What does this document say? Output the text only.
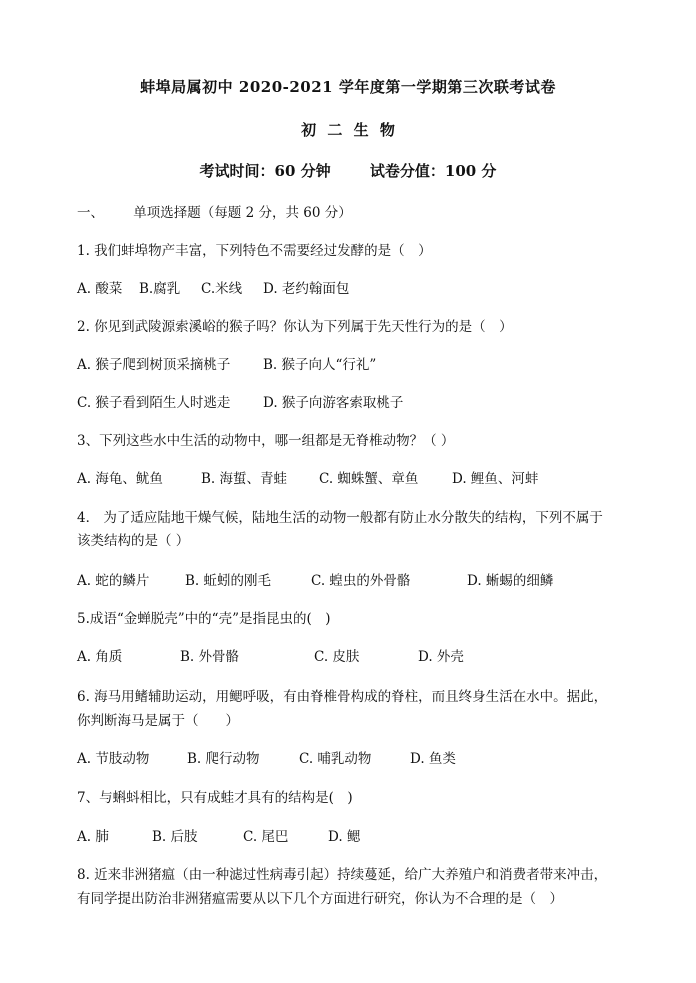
蚌埠局属初中 2020-2021 学年度第一学期第三次联考试卷
初 二 生 物
考试时间：60 分钟	试卷分值：100 分
一、 单项选择题（每题 2 分，共 60 分）
1. 我们蚌埠物产丰富，下列特色不需要经过发酵的是（　）
A. 酸菜 B.腐乳 C.米线 D. 老约翰面包
2. 你见到武陵源索溪峪的猴子吗？你认为下列属于先天性行为的是（　）
A. 猴子爬到树顶采摘桃子 B. 猴子向人“行礼”
C. 猴子看到陌生人时逃走 D. 猴子向游客索取桃子
3、下列这些水中生活的动物中，哪一组都是无脊椎动物？（ ）
A. 海龟、鱿鱼	B. 海蜇、青蛙 C. 蜘蛛蟹、章鱼 D. 鲤鱼、河蚌
4． 为了适应陆地干燥气候，陆地生活的动物一般都有防止水分散失的结构，下列不属于
该类结构的是（ ）
A. 蛇的鳞片	B. 蚯蚓的刚毛	C. 蝗虫的外骨骼	D. 蜥蜴的细鳞
5.成语“金蝉脱壳”中的“壳”是指昆虫的(　)
A. 角质	B. 外骨骼	C. 皮肤	D. 外壳
6. 海马用鳍辅助运动，用鳃呼吸，有由脊椎骨构成的脊柱，而且终身生活在水中。据此，
你判断海马是属于（　　）
A. 节肢动物	B. 爬行动物	C. 哺乳动物	D. 鱼类
7、与蝌蚪相比，只有成蛙才具有的结构是(　)
A. 肺	B. 后肢	C. 尾巴	D. 鳃
8. 近来非洲猪瘟（由一种滤过性病毒引起）持续蔓延，给广大养殖户和消费者带来冲击，
有同学提出防治非洲猪瘟需要从以下几个方面进行研究，你认为不合理的是（　）
